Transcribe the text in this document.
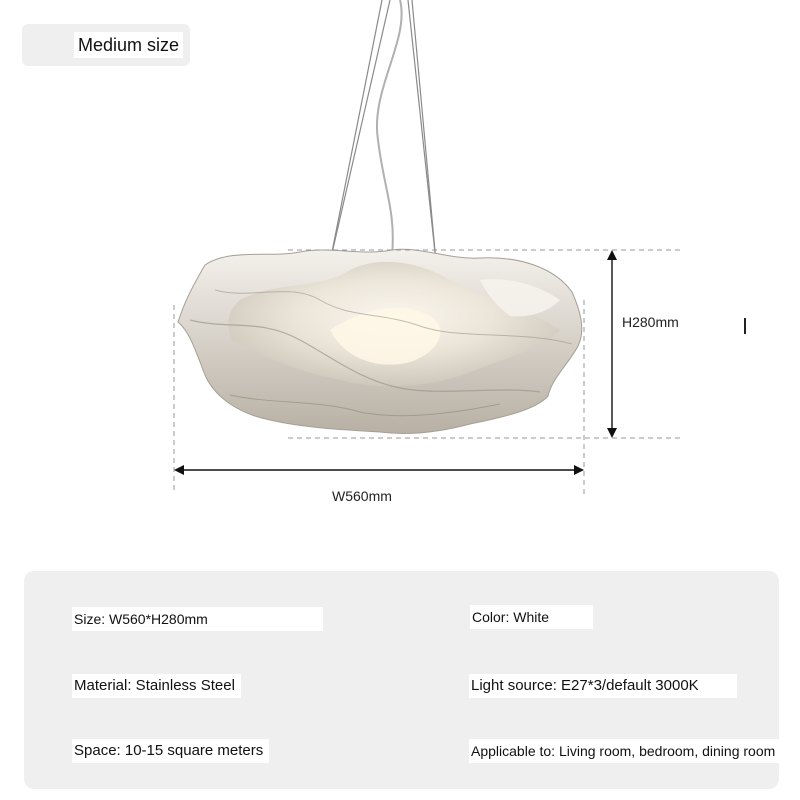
Medium size
H280mm
W560mm
Size: W560*H280mm	Color: White
Material: Stainless Steel	Light source: E27*3/default 3000K
Space: 10-15 square meters	Applicable to: Living room, bedroom, dining room
